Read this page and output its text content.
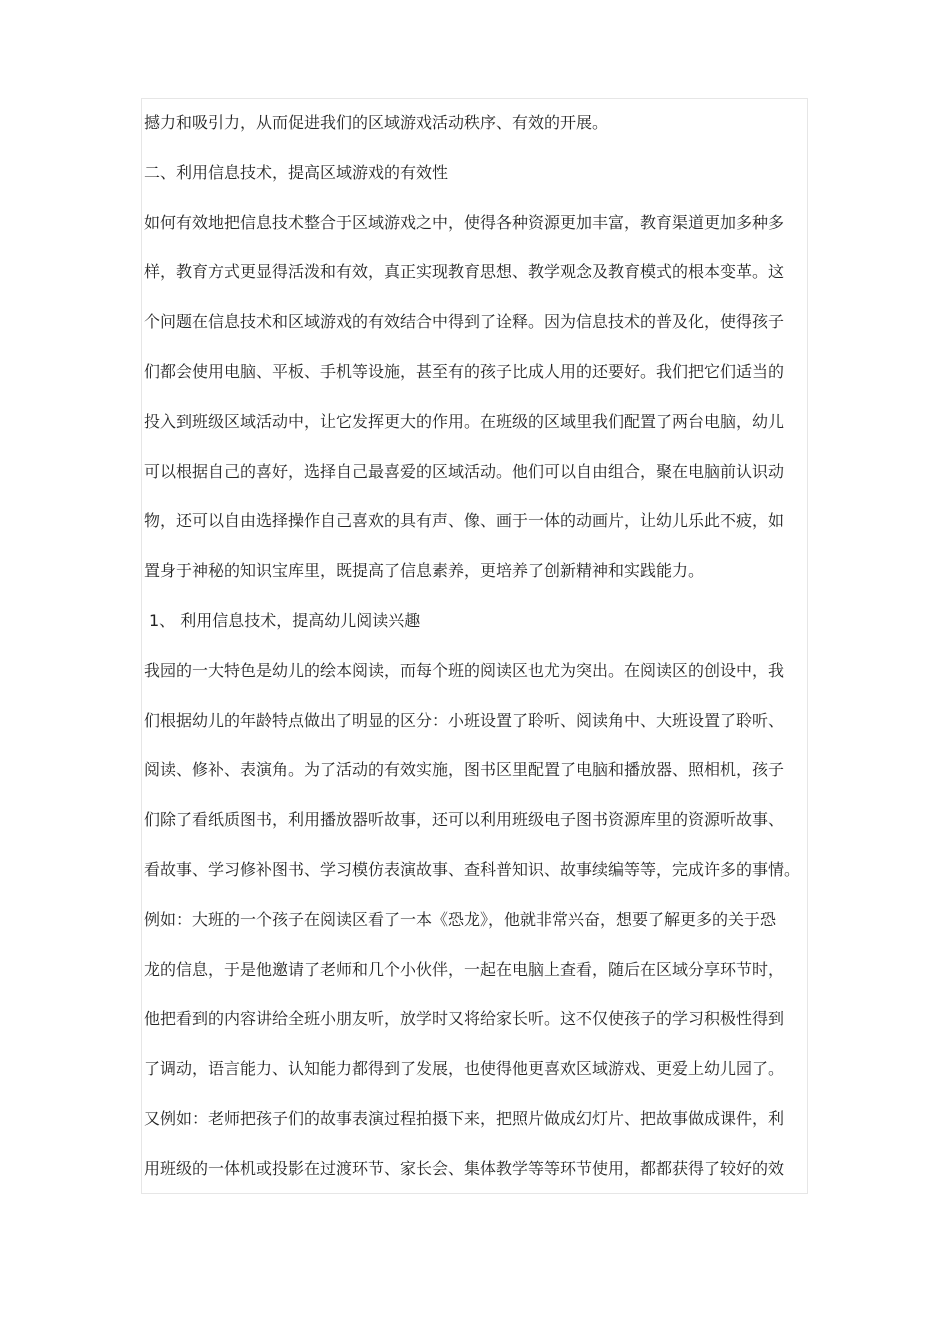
撼力和吸引力，从而促进我们的区域游戏活动秩序、有效的开展。
二、利用信息技术，提高区域游戏的有效性
如何有效地把信息技术整合于区域游戏之中，使得各种资源更加丰富，教育渠道更加多种多
样，教育方式更显得活泼和有效，真正实现教育思想、教学观念及教育模式的根本变革。这
个问题在信息技术和区域游戏的有效结合中得到了诠释。因为信息技术的普及化，使得孩子
们都会使用电脑、平板、手机等设施，甚至有的孩子比成人用的还要好。我们把它们适当的
投入到班级区域活动中，让它发挥更大的作用。在班级的区域里我们配置了两台电脑，幼儿
可以根据自己的喜好，选择自己最喜爱的区域活动。他们可以自由组合，聚在电脑前认识动
物，还可以自由选择操作自己喜欢的具有声、像、画于一体的动画片，让幼儿乐此不疲，如
置身于神秘的知识宝库里，既提高了信息素养，更培养了创新精神和实践能力。
1、 利用信息技术，提高幼儿阅读兴趣
我园的一大特色是幼儿的绘本阅读，而每个班的阅读区也尤为突出。在阅读区的创设中，我
们根据幼儿的年龄特点做出了明显的区分：小班设置了聆听、阅读角中、大班设置了聆听、
阅读、修补、表演角。为了活动的有效实施，图书区里配置了电脑和播放器、照相机，孩子
们除了看纸质图书，利用播放器听故事，还可以利用班级电子图书资源库里的资源听故事、
看故事、学习修补图书、学习模仿表演故事、查科普知识、故事续编等等，完成许多的事情。
例如：大班的一个孩子在阅读区看了一本《恐龙》，他就非常兴奋，想要了解更多的关于恐
龙的信息，于是他邀请了老师和几个小伙伴，一起在电脑上查看，随后在区域分享环节时，
他把看到的内容讲给全班小朋友听，放学时又将给家长听。这不仅使孩子的学习积极性得到
了调动，语言能力、认知能力都得到了发展，也使得他更喜欢区域游戏、更爱上幼儿园了。
又例如：老师把孩子们的故事表演过程拍摄下来，把照片做成幻灯片、把故事做成课件，利
用班级的一体机或投影在过渡环节、家长会、集体教学等等环节使用，都都获得了较好的效
